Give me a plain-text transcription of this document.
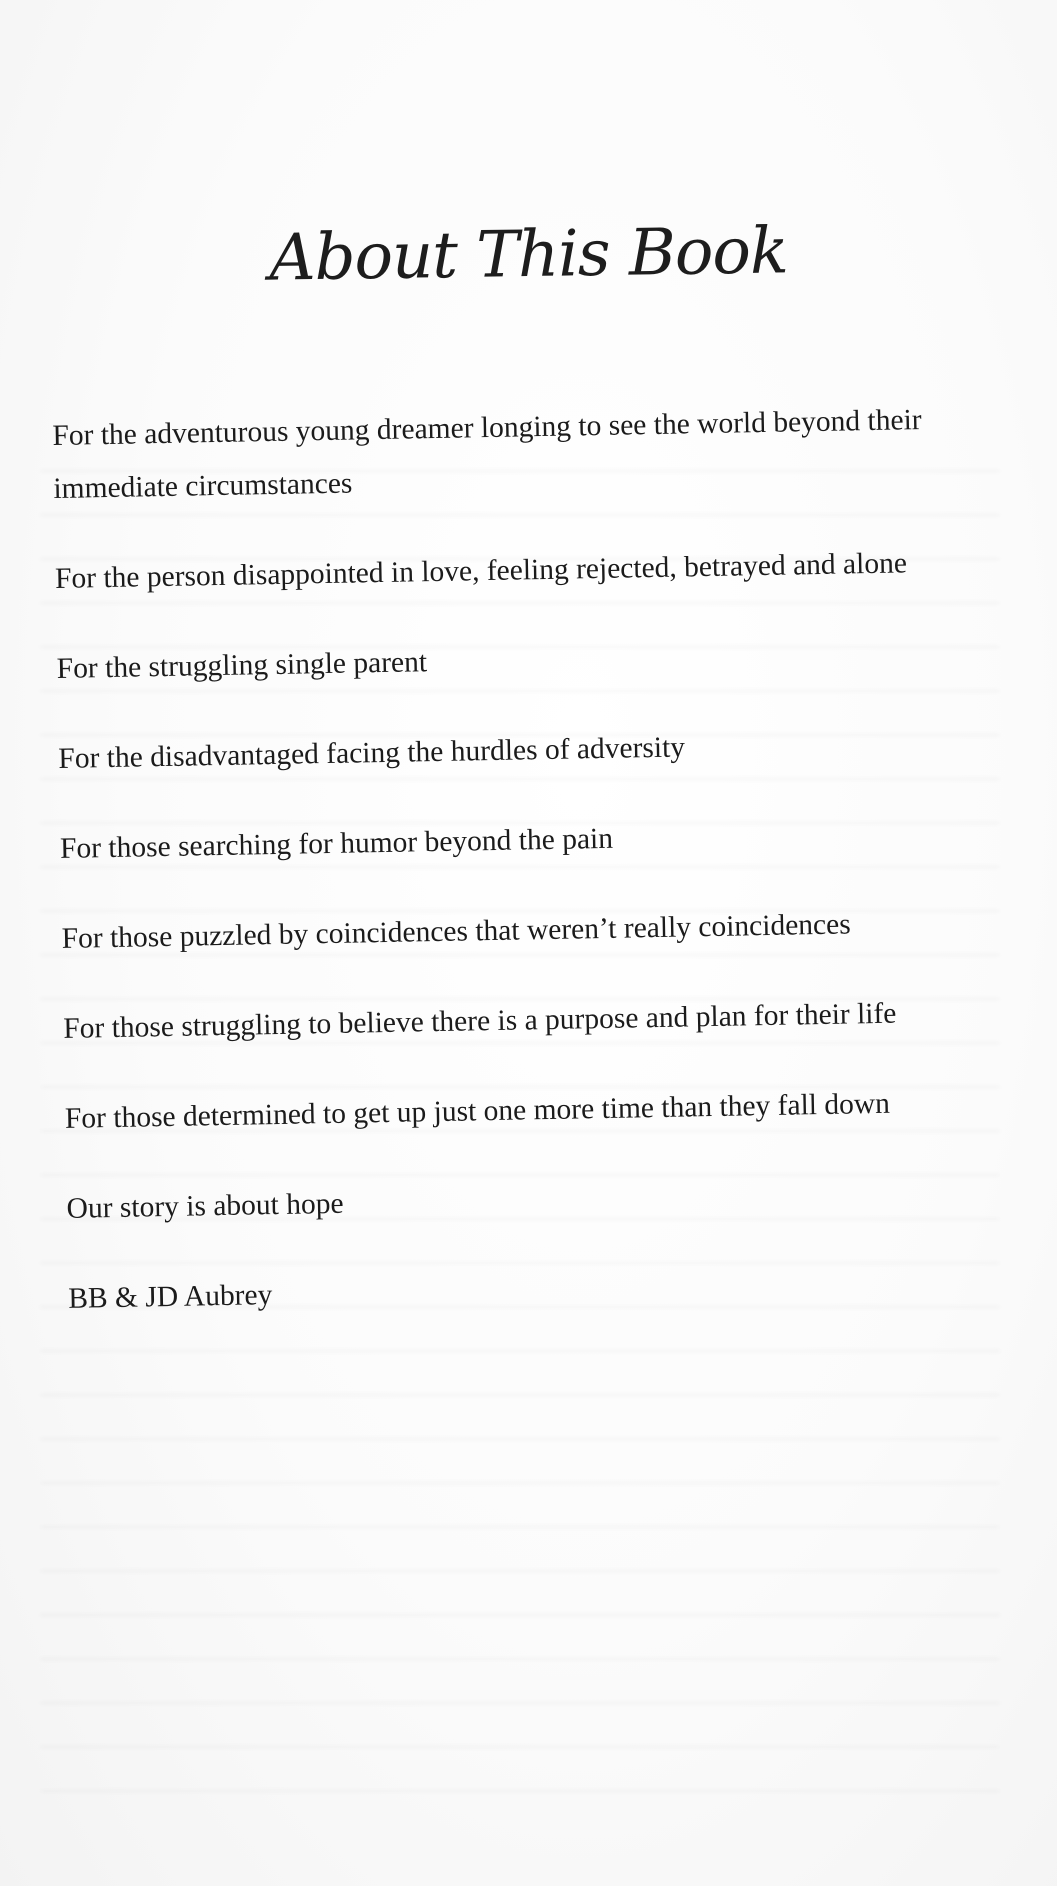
About This Book

For the adventurous young dreamer longing to see the world beyond their immediate circumstances

For the person disappointed in love, feeling rejected, betrayed and alone

For the struggling single parent

For the disadvantaged facing the hurdles of adversity

For those searching for humor beyond the pain

For those puzzled by coincidences that weren’t really coincidences

For those struggling to believe there is a purpose and plan for their life

For those determined to get up just one more time than they fall down

Our story is about hope

BB & JD Aubrey
